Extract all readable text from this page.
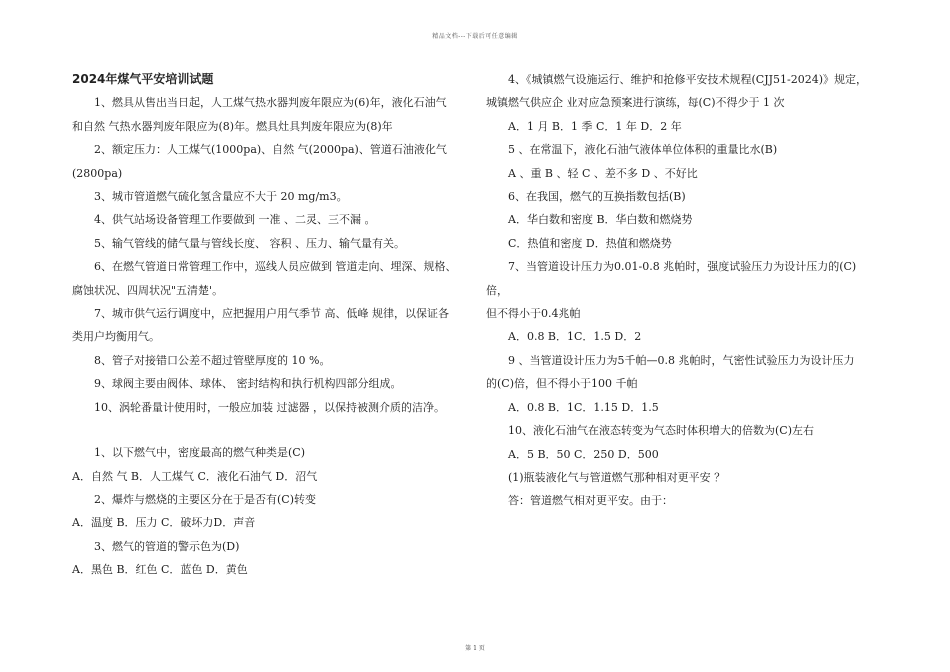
精品文档---下载后可任意编辑
2024年煤气平安培训试题
1、燃具从售出当日起，人工煤气热水器判废年限应为(6)年，液化石油气
和自然 气热水器判废年限应为(8)年。燃具灶具判废年限应为(8)年
2、额定压力：人工煤气(1000pa)、自然 气(2000pa)、管道石油液化气
(2800pa)
3、城市管道燃气硫化氢含量应不大于 20 mg/m3。
4、供气站场设备管理工作要做到 一准 、二灵、三不漏 。
5、输气管线的储气量与管线长度、 容积 、压力、输气量有关。
6、在燃气管道日常管理工作中，巡线人员应做到 管道走向、埋深、规格、
腐蚀状况、四周状况"五清楚'。
7、城市供气运行调度中，应把握用户用气季节 高、低峰 规律，以保证各
类用户均衡用气。
8、管子对接错口公差不超过管壁厚度的 10 %。
9、球阀主要由阀体、球体、 密封结构和执行机构四部分组成。
10、涡轮番量计使用时，一般应加装 过滤器 ，以保持被测介质的洁净。
1、以下燃气中，密度最高的燃气种类是(C)
A．自然 气 B．人工煤气 C．液化石油气 D．沼气
2、爆炸与燃烧的主要区分在于是否有(C)转变
A．温度 B．压力 C．破坏力D．声音
3、燃气的管道的警示色为(D)
A．黑色 B．红色 C．蓝色 D．黄色
4、《城镇燃气设施运行、维护和抢修平安技术规程(CJJ51-2024)》规定，
城镇燃气供应企 业对应急预案进行演练，每(C)不得少于 1 次
A．1 月 B．1 季 C．1 年 D．2 年
5 、在常温下，液化石油气液体单位体积的重量比水(B)
A 、重 B 、轻 C 、差不多 D 、不好比
6、在我国，燃气的互换指数包括(B)
A．华白数和密度 B．华白数和燃烧势
C．热值和密度 D．热值和燃烧势
7、当管道设计压力为0.01-0.8 兆帕时，强度试验压力为设计压力的(C)倍，
但不得小于0.4兆帕
A．0.8 B．1C．1.5 D．2
9 、当管道设计压力为5千帕—0.8 兆帕时，气密性试验压力为设计压力
的(C)倍，但不得小于100 千帕
A．0.8 B．1C．1.15 D．1.5
10、液化石油气在液态转变为气态时体积增大的倍数为(C)左右
A．5 B．50 C．250 D．500
(1)瓶装液化气与管道燃气那种相对更平安 ？
答：管道燃气相对更平安。由于：
第 1 页
